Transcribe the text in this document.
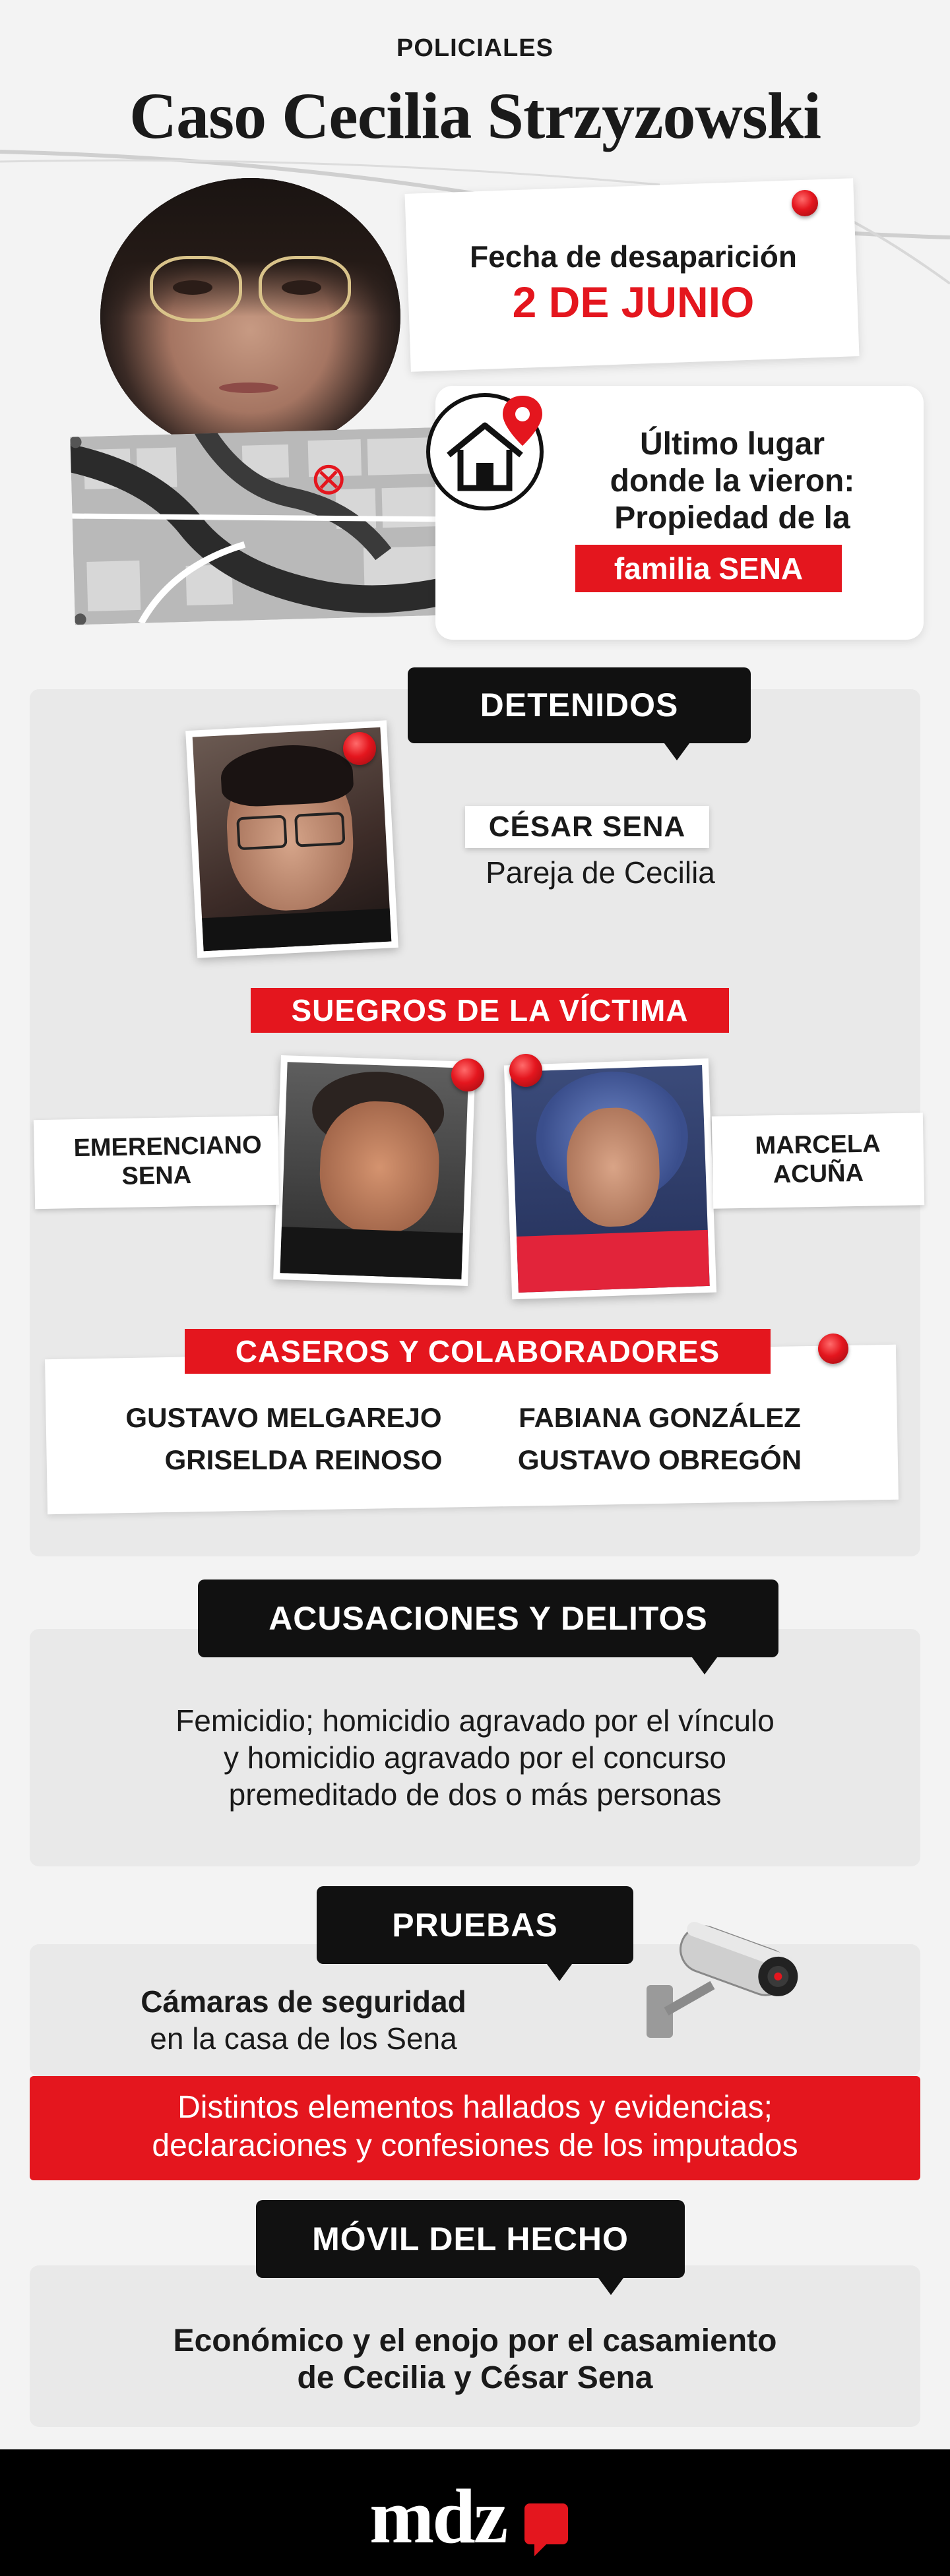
POLICIALES
Caso Cecilia Strzyzowski
Fecha de desaparición
2 DE JUNIO
Último lugar
donde la vieron:
Propiedad de la
familia SENA
DETENIDOS
CÉSAR SENA
Pareja de Cecilia
SUEGROS DE LA VÍCTIMA
EMERENCIANO SENA
MARCELA ACUÑA
CASEROS Y COLABORADORES
GUSTAVO MELGAREJO	FABIANA GONZÁLEZ
GRISELDA REINOSO	GUSTAVO OBREGÓN
ACUSACIONES Y DELITOS
Femicidio; homicidio agravado por el vínculo
y homicidio agravado por el concurso
premeditado de dos o más personas
PRUEBAS
Cámaras de seguridad
en la casa de los Sena
Distintos elementos hallados y evidencias;
declaraciones y confesiones de los imputados
MÓVIL DEL HECHO
Económico y el enojo por el casamiento
de Cecilia y César Sena
mdz
